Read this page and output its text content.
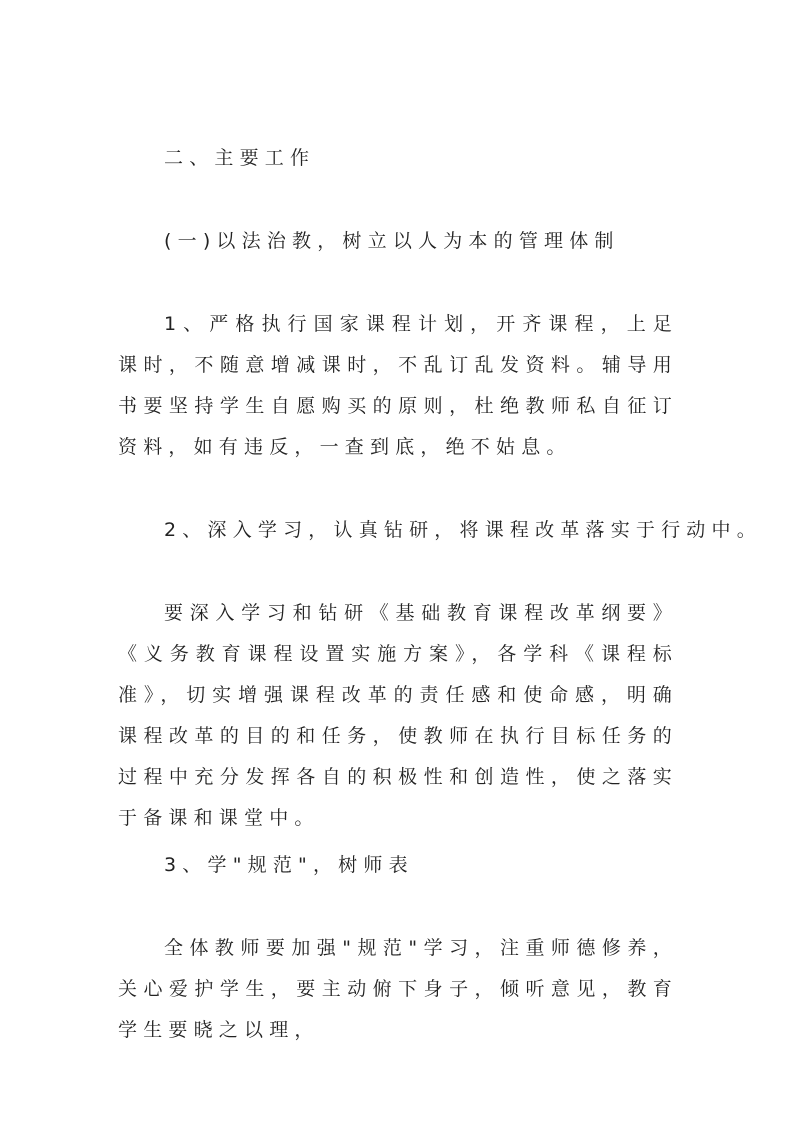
二、主要工作
(一)以法治教，树立以人为本的管理体制
1、严格执行国家课程计划，开齐课程，上足课时，不随意增减课时，不乱订乱发资料。辅导用书要坚持学生自愿购买的原则，杜绝教师私自征订资料，如有违反，一查到底，绝不姑息。
2、深入学习，认真钻研，将课程改革落实于行动中。
要深入学习和钻研《基础教育课程改革纲要》《义务教育课程设置实施方案》，各学科《课程标准》，切实增强课程改革的责任感和使命感，明确课程改革的目的和任务，使教师在执行目标任务的过程中充分发挥各自的积极性和创造性，使之落实于备课和课堂中。
3、学"规范"，树师表
全体教师要加强"规范"学习，注重师德修养，关心爱护学生，要主动俯下身子，倾听意见，教育学生要晓之以理，
